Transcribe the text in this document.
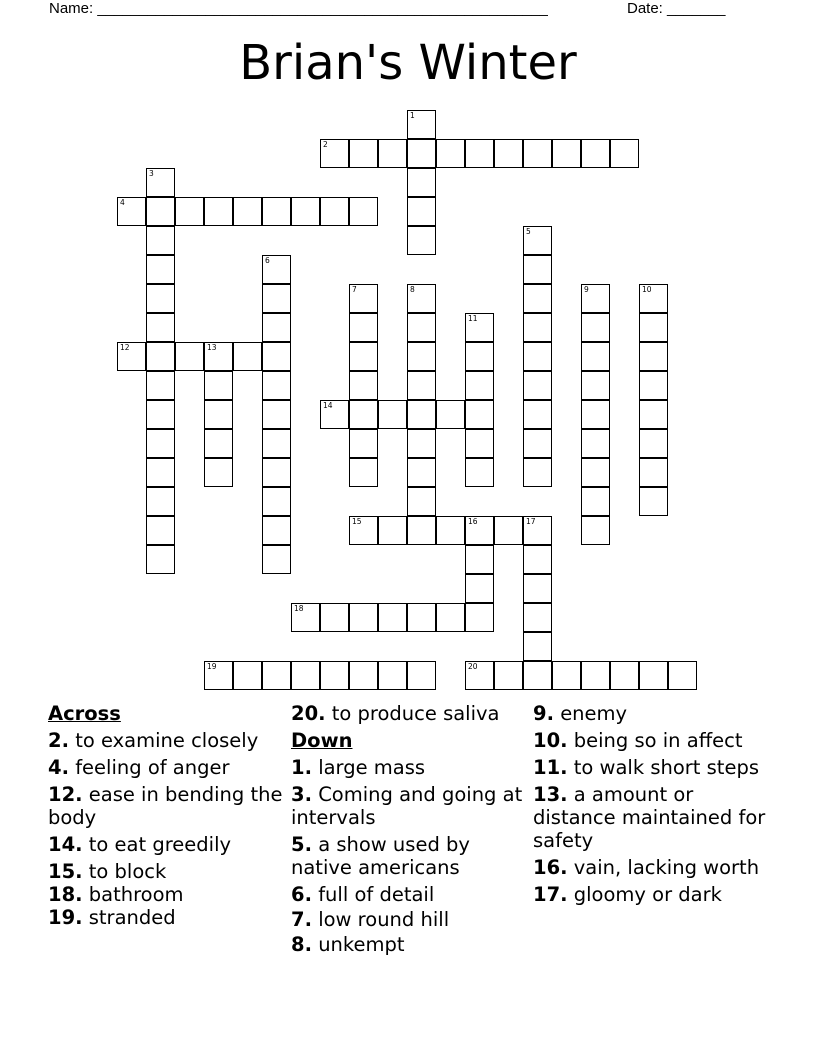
Name: ______________________________________________________	Date: _______
Brian's Winter
1
2
3
4
5
6
7	8	9	10
11
12	13
14
15	16	17
18
19	20
Across
2. to examine closely
4. feeling of anger
12. ease in bending the body
14. to eat greedily
15. to block
18. bathroom
19. stranded
20. to produce saliva
Down
1. large mass
3. Coming and going at intervals
5. a show used by native americans
6. full of detail
7. low round hill
8. unkempt
9. enemy
10. being so in affect
11. to walk short steps
13. a amount or distance maintained for safety
16. vain, lacking worth
17. gloomy or dark
